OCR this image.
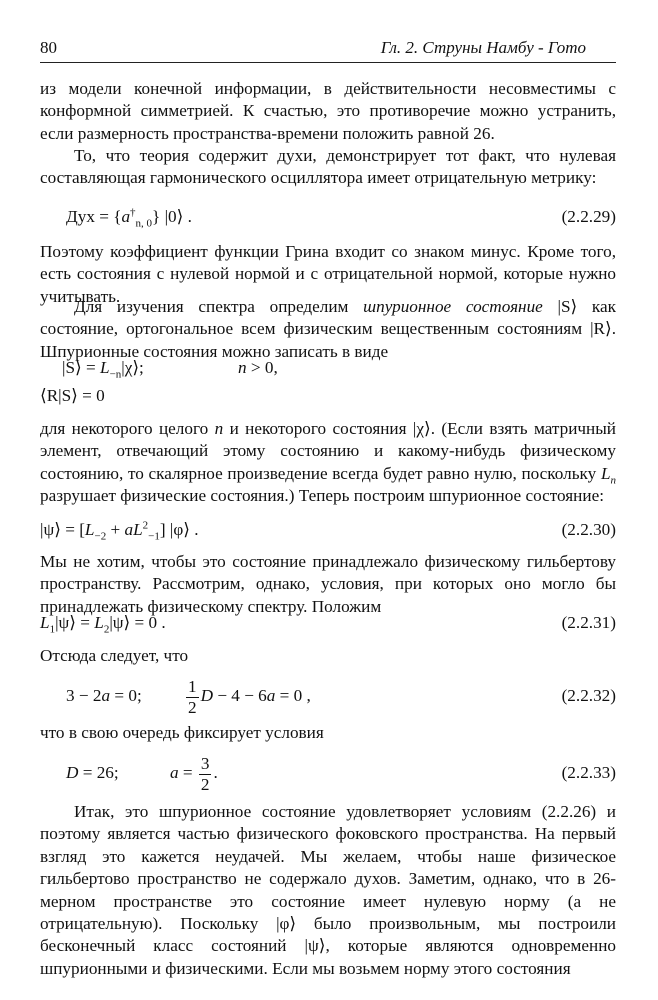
80	Гл. 2. Струны Намбу - Гото

из модели конечной информации, в действительности несовместимы с конформной симметрией. К счастью, это противоречие можно устранить, если размерность пространства-времени положить равной 26.

То, что теория содержит духи, демонстрирует тот факт, что нулевая составляющая гармонического осциллятора имеет отрицательную метрику:

Дух = $\{a^\dagger_{n, 0}\}$ |0⟩ .	(2.2.29)

Поэтому коэффициент функции Грина входит со знаком минус. Кроме того, есть состояния с нулевой нормой и с отрицательной нормой, которые нужно учитывать.

Для изучения спектра определим шпурионное состояние |S⟩ как состояние, ортогональное всем физическим вещественным состояниям |R⟩. Шпурионные состояния можно записать в виде

|S⟩ = $L_{-n}|\chi⟩$;	n > 0,
⟨R|S⟩ = 0

для некоторого целого n и некоторого состояния |χ⟩. (Если взять матричный элемент, отвечающий этому состоянию и какому-нибудь физическому состоянию, то скалярное произведение всегда будет равно нулю, поскольку $L_n$ разрушает физические состояния.) Теперь построим шпурионное состояние:

|ψ⟩ = $[L_{-2} + aL^2_{-1}]$ |φ⟩ .	(2.2.30)

Мы не хотим, чтобы это состояние принадлежало физическому гильбертову пространству. Рассмотрим, однако, условия, при которых оно могло бы принадлежать физическому спектру. Положим

$L_1|\psi⟩$ = $L_2|\psi⟩ = 0$ .	(2.2.31)

Отсюда следует, что

3 − 2a = 0;	$\frac{1}{2}$ D − 4 − 6a = 0 ,	(2.2.32)

что в свою очередь фиксирует условия

D = 26;	$a = \frac{3}{2}$ .	(2.2.33)

Итак, это шпурионное состояние удовлетворяет условиям (2.2.26) и поэтому является частью физического фоковского пространства. На первый взгляд это кажется неудачей. Мы желаем, чтобы наше физическое гильбертово пространство не содержало духов. Заметим, однако, что в 26-мерном пространстве это состояние имеет нулевую норму (а не отрицательную). Поскольку |φ⟩ было произвольным, мы построили бесконечный класс состояний |ψ⟩, которые являются одновременно шпурионными и физическими. Если мы возьмем норму этого состояния
